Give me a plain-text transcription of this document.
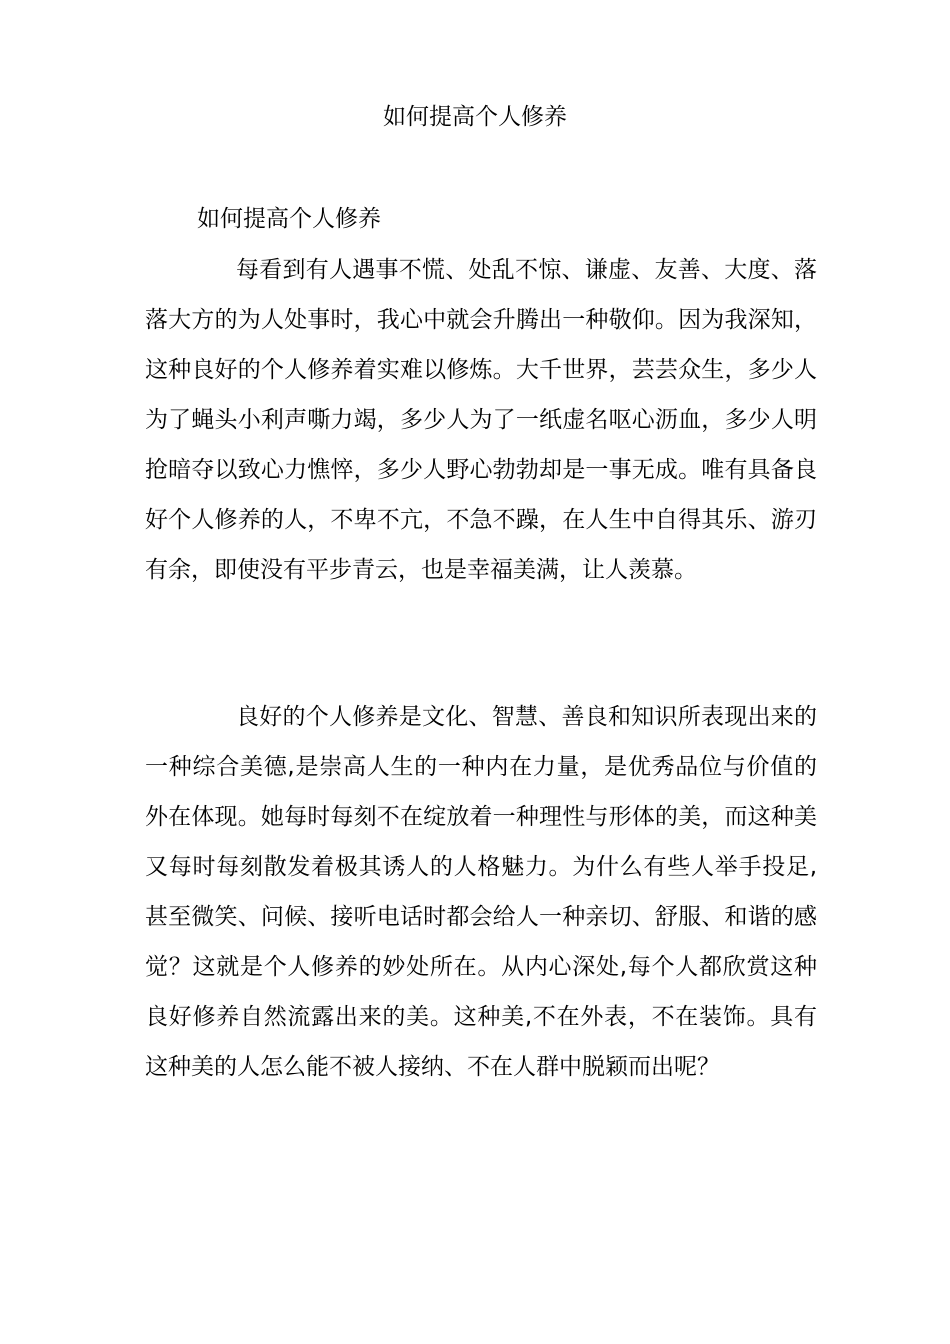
如何提高个人修养
如何提高个人修养

每看到有人遇事不慌、处乱不惊、谦虚、友善、大度、落落大方的为人处事时，我心中就会升腾出一种敬仰。因为我深知，这种良好的个人修养着实难以修炼。大千世界，芸芸众生，多少人为了蝇头小利声嘶力竭，多少人为了一纸虚名呕心沥血，多少人明抢暗夺以致心力憔悴，多少人野心勃勃却是一事无成。唯有具备良好个人修养的人，不卑不亢，不急不躁，在人生中自得其乐、游刃有余，即使没有平步青云，也是幸福美满，让人羡慕。

良好的个人修养是文化、智慧、善良和知识所表现出来的一种综合美德,是崇高人生的一种内在力量，是优秀品位与价值的外在体现。她每时每刻不在绽放着一种理性与形体的美，而这种美又每时每刻散发着极其诱人的人格魅力。为什么有些人举手投足,甚至微笑、问候、接听电话时都会给人一种亲切、舒服、和谐的感觉？这就是个人修养的妙处所在。从内心深处,每个人都欣赏这种良好修养自然流露出来的美。这种美,不在外表，不在装饰。具有这种美的人怎么能不被人接纳、不在人群中脱颖而出呢？
